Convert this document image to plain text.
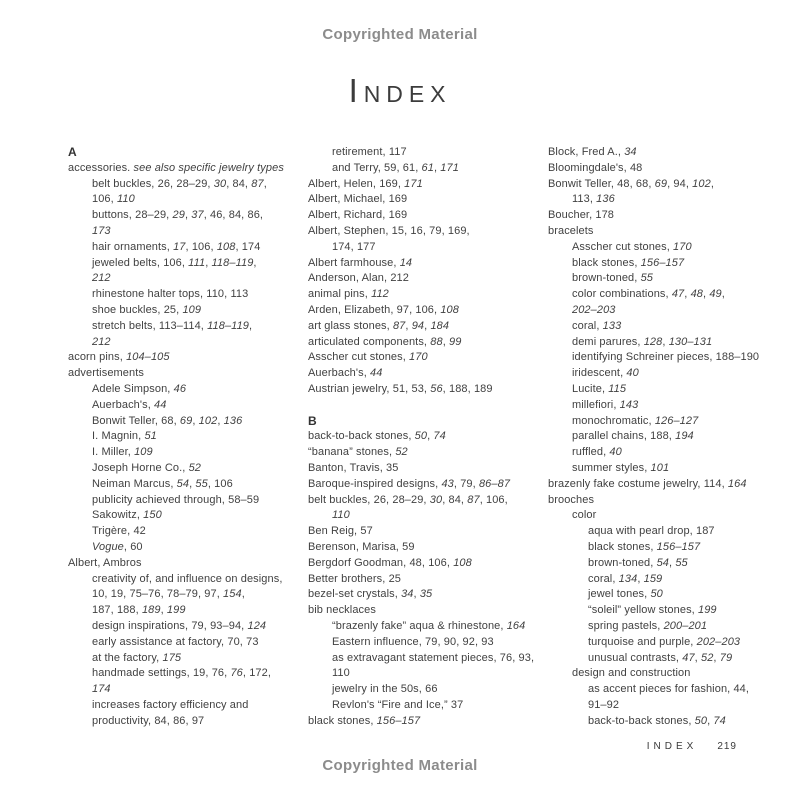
Copyrighted Material
Index
A
accessories. see also specific jewelry types
belt buckles, 26, 28–29, 30, 84, 87,
106, 110
buttons, 28–29, 29, 37, 46, 84, 86,
173
hair ornaments, 17, 106, 108, 174
jeweled belts, 106, 111, 118–119,
212
rhinestone halter tops, 110, 113
shoe buckles, 25, 109
stretch belts, 113–114, 118–119,
212
acorn pins, 104–105
advertisements
Adele Simpson, 46
Auerbach's, 44
Bonwit Teller, 68, 69, 102, 136
I. Magnin, 51
I. Miller, 109
Joseph Horne Co., 52
Neiman Marcus, 54, 55, 106
publicity achieved through, 58–59
Sakowitz, 150
Trigère, 42
Vogue, 60
Albert, Ambros
creativity of, and influence on designs,
10, 19, 75–76, 78–79, 97, 154,
187, 188, 189, 199
design inspirations, 79, 93–94, 124
early assistance at factory, 70, 73
at the factory, 175
handmade settings, 19, 76, 76, 172,
174
increases factory efficiency and
productivity, 84, 86, 97
retirement, 117
and Terry, 59, 61, 61, 171
Albert, Helen, 169, 171
Albert, Michael, 169
Albert, Richard, 169
Albert, Stephen, 15, 16, 79, 169,
174, 177
Albert farmhouse, 14
Anderson, Alan, 212
animal pins, 112
Arden, Elizabeth, 97, 106, 108
art glass stones, 87, 94, 184
articulated components, 88, 99
Asscher cut stones, 170
Auerbach's, 44
Austrian jewelry, 51, 53, 56, 188, 189
B
back-to-back stones, 50, 74
“banana” stones, 52
Banton, Travis, 35
Baroque-inspired designs, 43, 79, 86–87
belt buckles, 26, 28–29, 30, 84, 87, 106,
110
Ben Reig, 57
Berenson, Marisa, 59
Bergdorf Goodman, 48, 106, 108
Better brothers, 25
bezel-set crystals, 34, 35
bib necklaces
“brazenly fake” aqua & rhinestone, 164
Eastern influence, 79, 90, 92, 93
as extravagant statement pieces, 76, 93,
110
jewelry in the 50s, 66
Revlon's “Fire and Ice,” 37
black stones, 156–157
Block, Fred A., 34
Bloomingdale's, 48
Bonwit Teller, 48, 68, 69, 94, 102,
113, 136
Boucher, 178
bracelets
Asscher cut stones, 170
black stones, 156–157
brown-toned, 55
color combinations, 47, 48, 49,
202–203
coral, 133
demi parures, 128, 130–131
identifying Schreiner pieces, 188–190
iridescent, 40
Lucite, 115
millefiori, 143
monochromatic, 126–127
parallel chains, 188, 194
ruffled, 40
summer styles, 101
brazenly fake costume jewelry, 114, 164
brooches
color
aqua with pearl drop, 187
black stones, 156–157
brown-toned, 54, 55
coral, 134, 159
jewel tones, 50
“soleil” yellow stones, 199
spring pastels, 200–201
turquoise and purple, 202–203
unusual contrasts, 47, 52, 79
design and construction
as accent pieces for fashion, 44,
91–92
back-to-back stones, 50, 74
INDEX 219
Copyrighted Material
